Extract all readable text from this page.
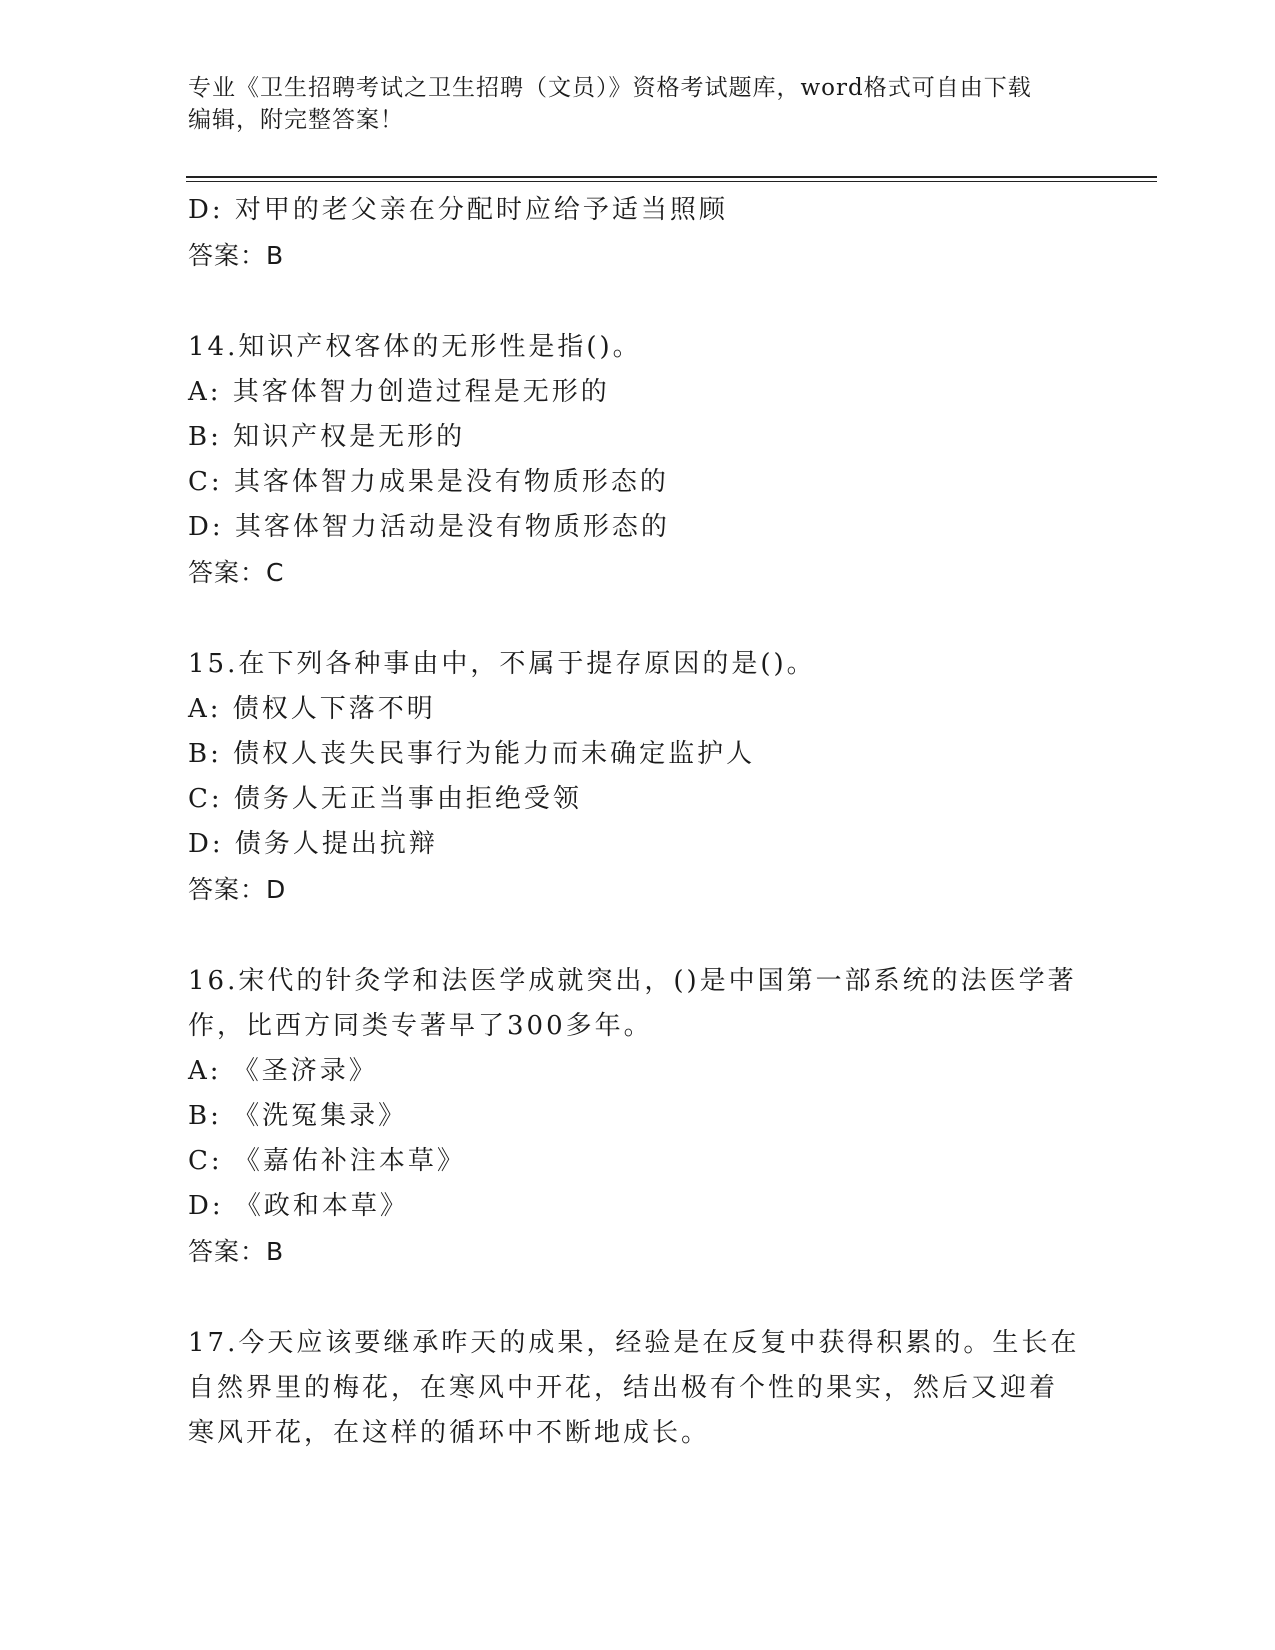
专业《卫生招聘考试之卫生招聘（文员）》资格考试题库，word格式可自由下载
编辑，附完整答案！
D: 对甲的老父亲在分配时应给予适当照顾
答案：B
14.知识产权客体的无形性是指()。
A: 其客体智力创造过程是无形的
B: 知识产权是无形的
C: 其客体智力成果是没有物质形态的
D: 其客体智力活动是没有物质形态的
答案：C
15.在下列各种事由中，不属于提存原因的是()。
A: 债权人下落不明
B: 债权人丧失民事行为能力而未确定监护人
C: 债务人无正当事由拒绝受领
D: 债务人提出抗辩
答案：D
16.宋代的针灸学和法医学成就突出，()是中国第一部系统的法医学著
作，比西方同类专著早了300多年。
A: 《圣济录》
B: 《洗冤集录》
C: 《嘉佑补注本草》
D: 《政和本草》
答案：B
17.今天应该要继承昨天的成果，经验是在反复中获得积累的。生长在
自然界里的梅花，在寒风中开花，结出极有个性的果实，然后又迎着
寒风开花，在这样的循环中不断地成长。
